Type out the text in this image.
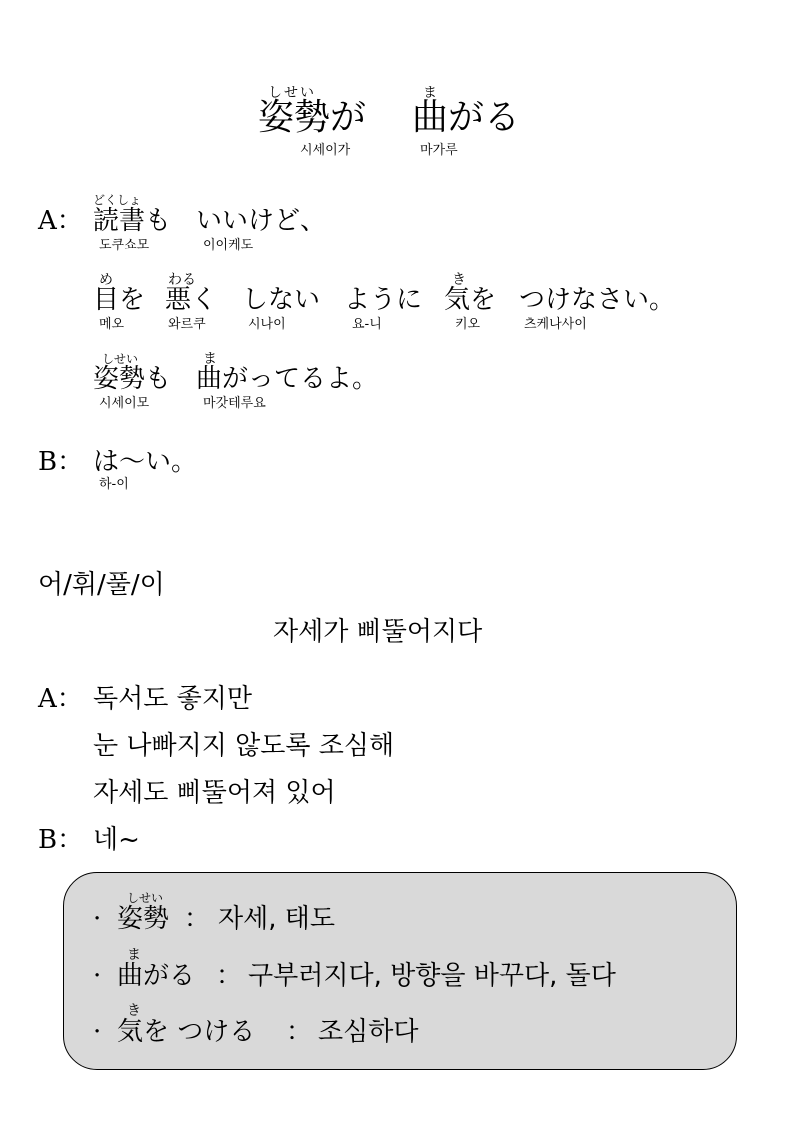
しせい	ま
姿勢が 曲がる
시세이가	마가루
どくしょ
A： 読書も いいけど、
도쿠쇼모	이이케도
め	わる	き
目を 悪く しない ように 気を つけなさい。
메오	와르쿠	시나이	요-니	키오	츠케나사이
しせい	ま
姿勢も 曲がってるよ。
시세이모	마갓테루요
B： は～い。
하-이
어/휘/풀/이
자세가 삐뚤어지다
A： 독서도 좋지만
눈 나빠지지 않도록 조심해
자세도 삐뚤어져 있어
B： 네~
·
しせい
姿勢 ： 자세, 태도
·
ま
曲がる ： 구부러지다, 방향을 바꾸다, 돌다
·
き
気を つける ： 조심하다
